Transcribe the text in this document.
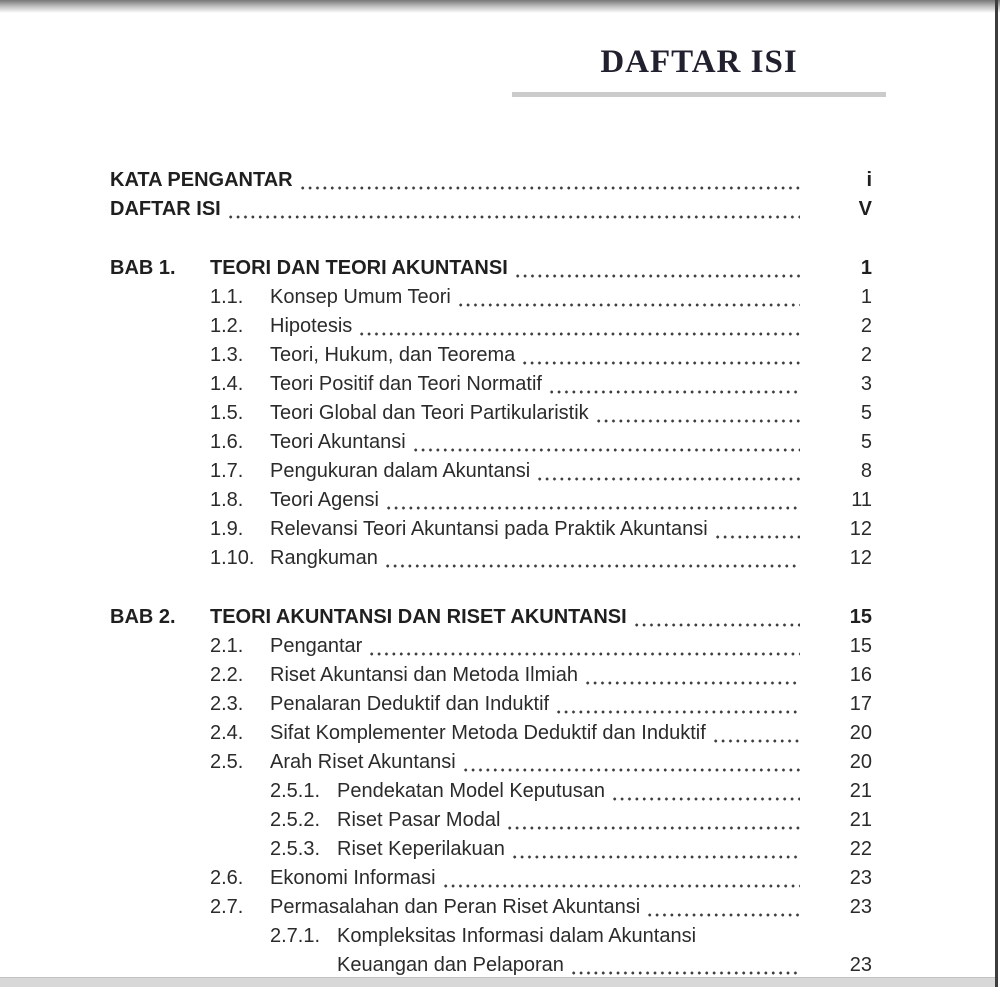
DAFTAR ISI
KATA PENGANTAR	i
DAFTAR ISI	V
BAB 1.	TEORI DAN TEORI AKUNTANSI	1
1.1.	Konsep Umum Teori	1
1.2.	Hipotesis	2
1.3.	Teori, Hukum, dan Teorema	2
1.4.	Teori Positif dan Teori Normatif	3
1.5.	Teori Global dan Teori Partikularistik	5
1.6.	Teori Akuntansi	5
1.7.	Pengukuran dalam Akuntansi	8
1.8.	Teori Agensi	11
1.9.	Relevansi Teori Akuntansi pada Praktik Akuntansi	12
1.10. Rangkuman	12
BAB 2.	TEORI AKUNTANSI DAN RISET AKUNTANSI	15
2.1.	Pengantar	15
2.2.	Riset Akuntansi dan Metoda Ilmiah	16
2.3.	Penalaran Deduktif dan Induktif	17
2.4.	Sifat Komplementer Metoda Deduktif dan Induktif	20
2.5.	Arah Riset Akuntansi	20
2.5.1. Pendekatan Model Keputusan	21
2.5.2. Riset Pasar Modal	21
2.5.3. Riset Keperilakuan	22
2.6.	Ekonomi Informasi	23
2.7.	Permasalahan dan Peran Riset Akuntansi	23
2.7.1. Kompleksitas Informasi dalam Akuntansi
Keuangan dan Pelaporan	23
